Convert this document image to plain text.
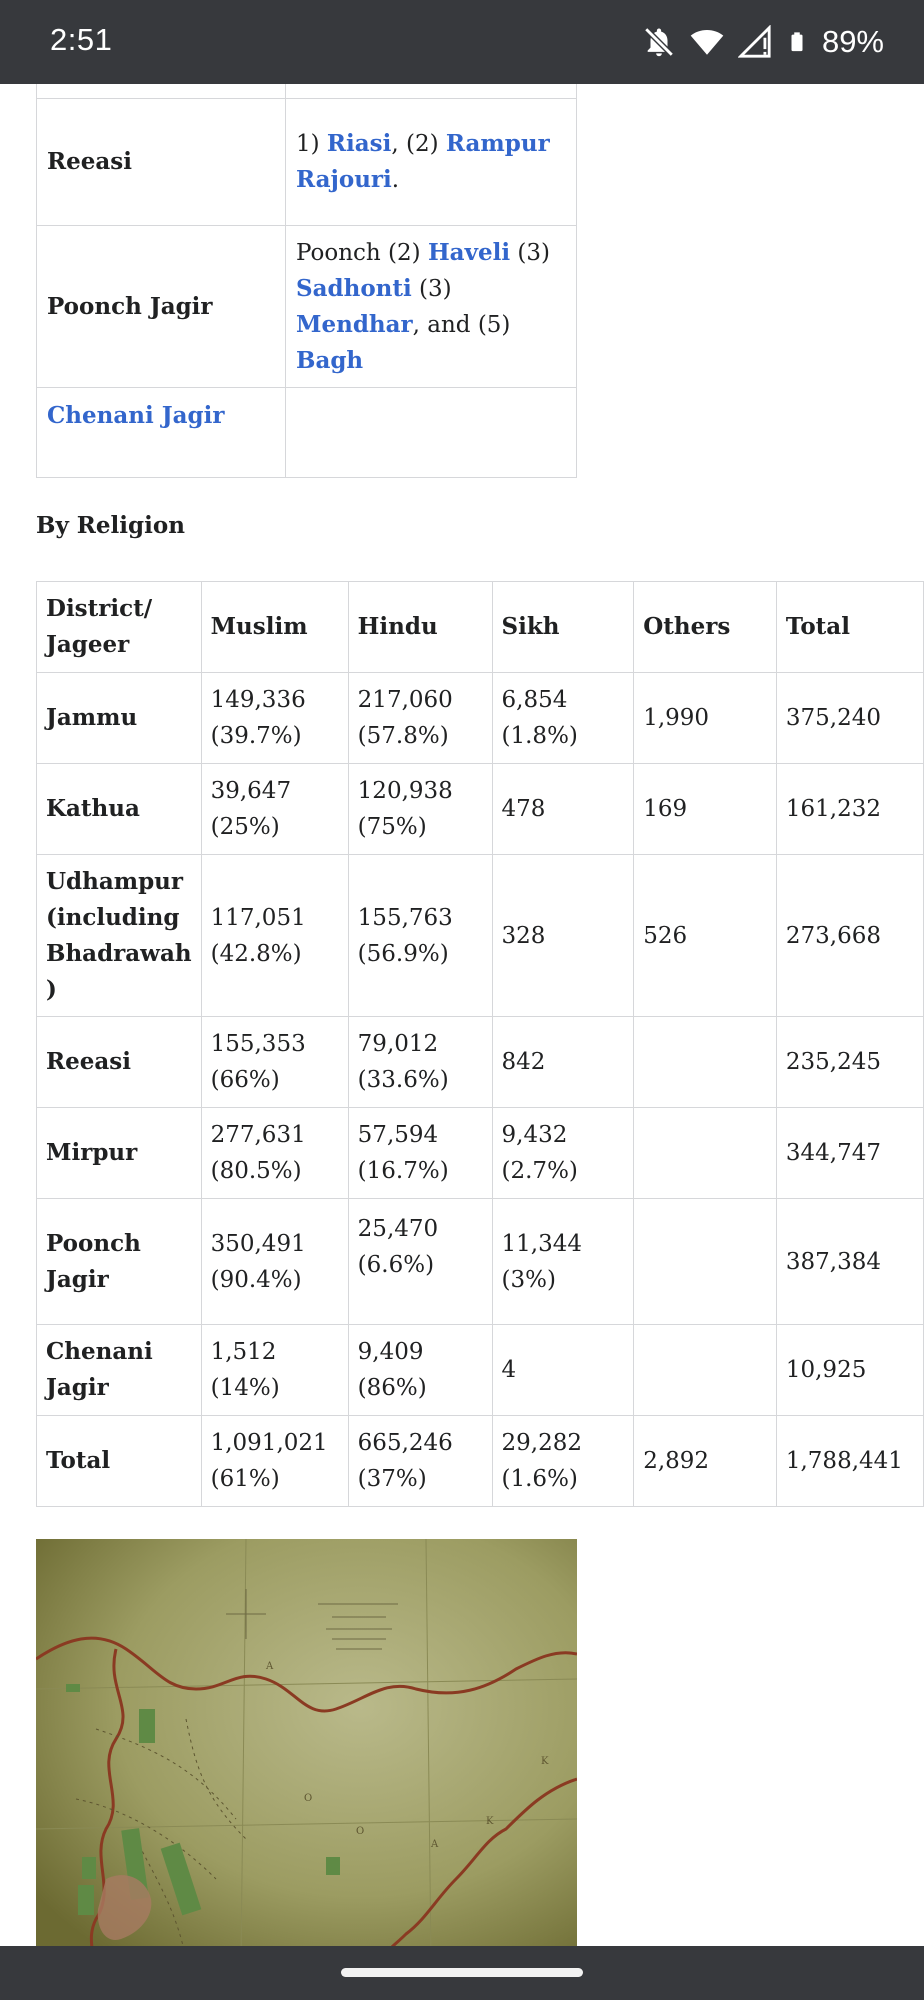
2:51	89%

Reeasi	1) Riasi, (2) Rampur Rajouri.
Poonch Jagir	Poonch (2) Haveli (3) Sadhonti (3) Mendhar, and (5) Bagh
Chenani Jagir	
By Religion
District/ Jageer	Muslim	Hindu	Sikh	Others	Total
Jammu	149,336 (39.7%)	217,060 (57.8%)	6,854 (1.8%)	1,990	375,240
Kathua	39,647 (25%)	120,938 (75%)	478	169	161,232
Udhampur (including Bhadrawah )	117,051 (42.8%)	155,763 (56.9%)	328	526	273,668
Reeasi	155,353 (66%)	79,012 (33.6%)	842		235,245
Mirpur	277,631 (80.5%)	57,594 (16.7%)	9,432 (2.7%)		344,747
Poonch Jagir	350,491 (90.4%)	25,470 (6.6%)	11,344 (3%)		387,384
Chenani Jagir	1,512 (14%)	9,409 (86%)	4		10,925
Total	1,091,021 (61%)	665,246 (37%)	29,282 (1.6%)	2,892	1,788,441
A
O
O
A
K
K
